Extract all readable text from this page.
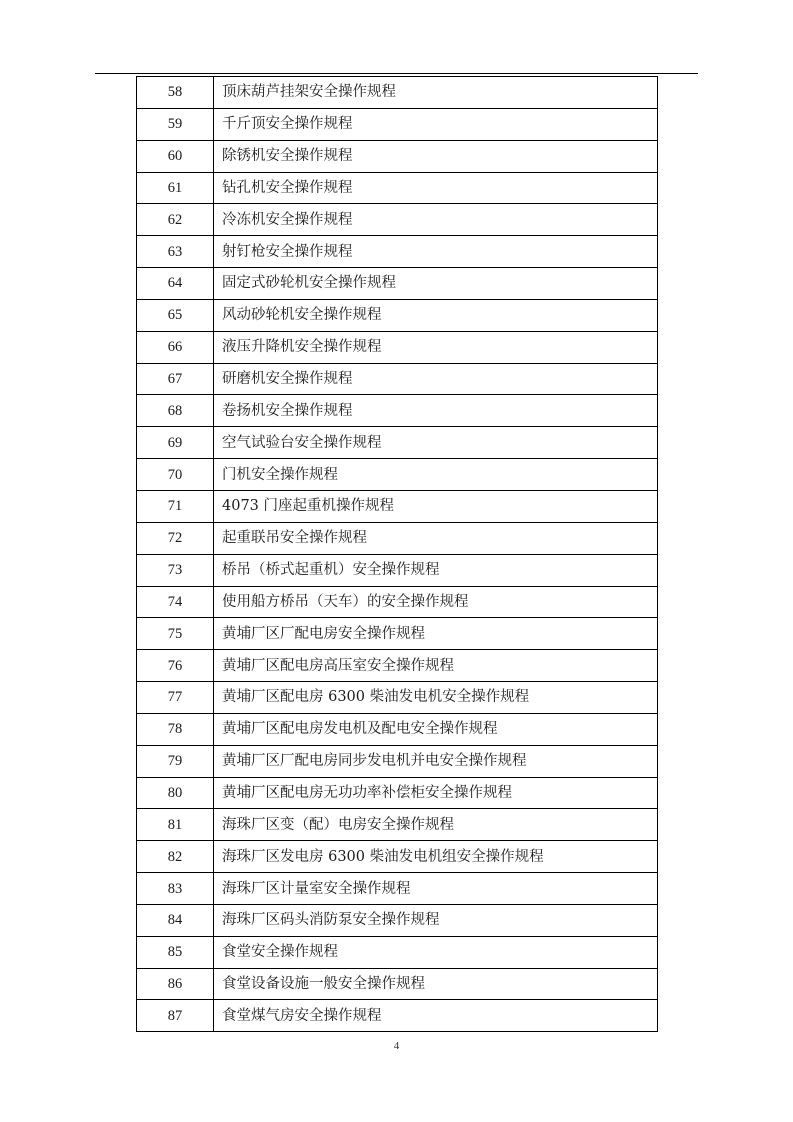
58	顶床葫芦挂架安全操作规程
59	千斤顶安全操作规程
60	除锈机安全操作规程
61	钻孔机安全操作规程
62	冷冻机安全操作规程
63	射钉枪安全操作规程
64	固定式砂轮机安全操作规程
65	风动砂轮机安全操作规程
66	液压升降机安全操作规程
67	研磨机安全操作规程
68	卷扬机安全操作规程
69	空气试验台安全操作规程
70	门机安全操作规程
71	4073 门座起重机操作规程
72	起重联吊安全操作规程
73	桥吊（桥式起重机）安全操作规程
74	使用船方桥吊（天车）的安全操作规程
75	黄埔厂区厂配电房安全操作规程
76	黄埔厂区配电房高压室安全操作规程
77	黄埔厂区配电房 6300 柴油发电机安全操作规程
78	黄埔厂区配电房发电机及配电安全操作规程
79	黄埔厂区厂配电房同步发电机并电安全操作规程
80	黄埔厂区配电房无功功率补偿柜安全操作规程
81	海珠厂区变（配）电房安全操作规程
82	海珠厂区发电房 6300 柴油发电机组安全操作规程
83	海珠厂区计量室安全操作规程
84	海珠厂区码头消防泵安全操作规程
85	食堂安全操作规程
86	食堂设备设施一般安全操作规程
87	食堂煤气房安全操作规程
4
